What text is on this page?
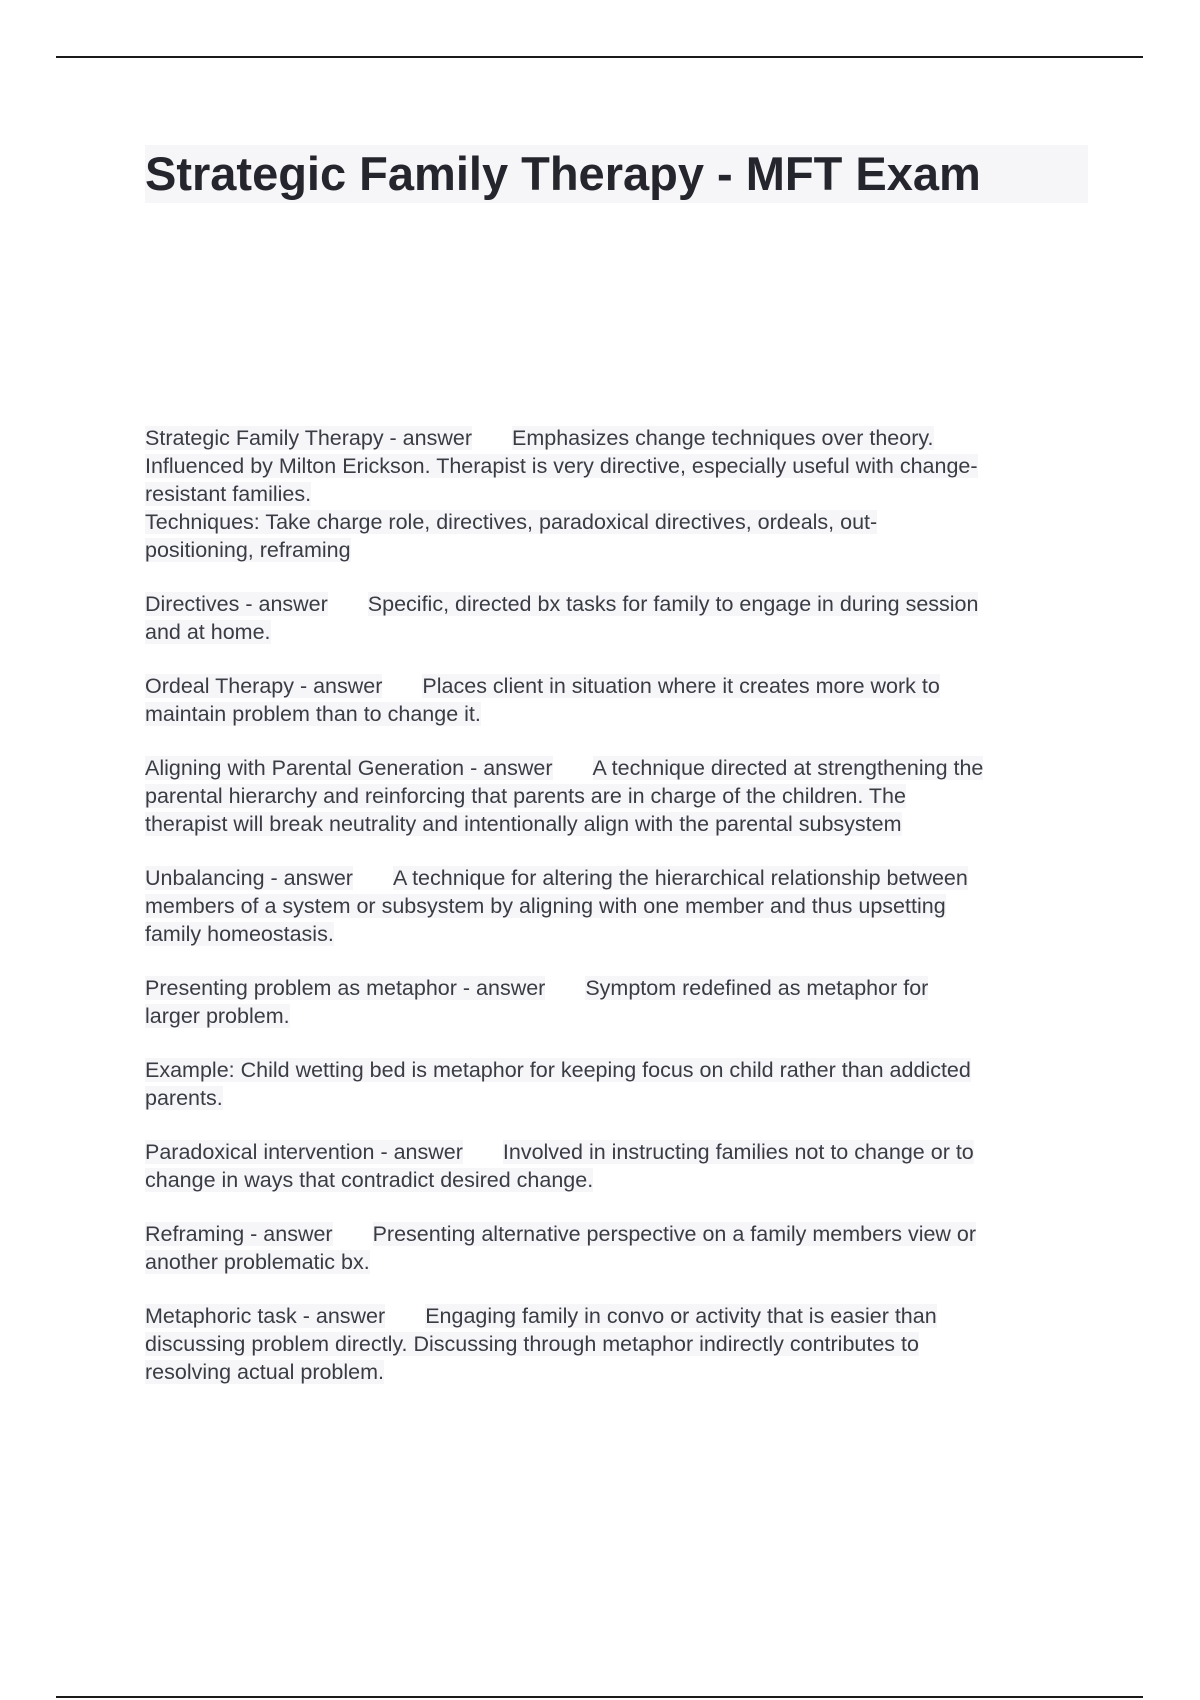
Strategic Family Therapy - MFT Exam
Strategic Family Therapy - answer Emphasizes change techniques over theory.
Influenced by Milton Erickson. Therapist is very directive, especially useful with change-
resistant families.
Techniques: Take charge role, directives, paradoxical directives, ordeals, out-
positioning, reframing
Directives - answer Specific, directed bx tasks for family to engage in during session
and at home.
Ordeal Therapy - answer Places client in situation where it creates more work to
maintain problem than to change it.
Aligning with Parental Generation - answer A technique directed at strengthening the
parental hierarchy and reinforcing that parents are in charge of the children. The
therapist will break neutrality and intentionally align with the parental subsystem
Unbalancing - answer A technique for altering the hierarchical relationship between
members of a system or subsystem by aligning with one member and thus upsetting
family homeostasis.
Presenting problem as metaphor - answer Symptom redefined as metaphor for
larger problem.
Example: Child wetting bed is metaphor for keeping focus on child rather than addicted
parents.
Paradoxical intervention - answer Involved in instructing families not to change or to
change in ways that contradict desired change.
Reframing - answer Presenting alternative perspective on a family members view or
another problematic bx.
Metaphoric task - answer Engaging family in convo or activity that is easier than
discussing problem directly. Discussing through metaphor indirectly contributes to
resolving actual problem.
